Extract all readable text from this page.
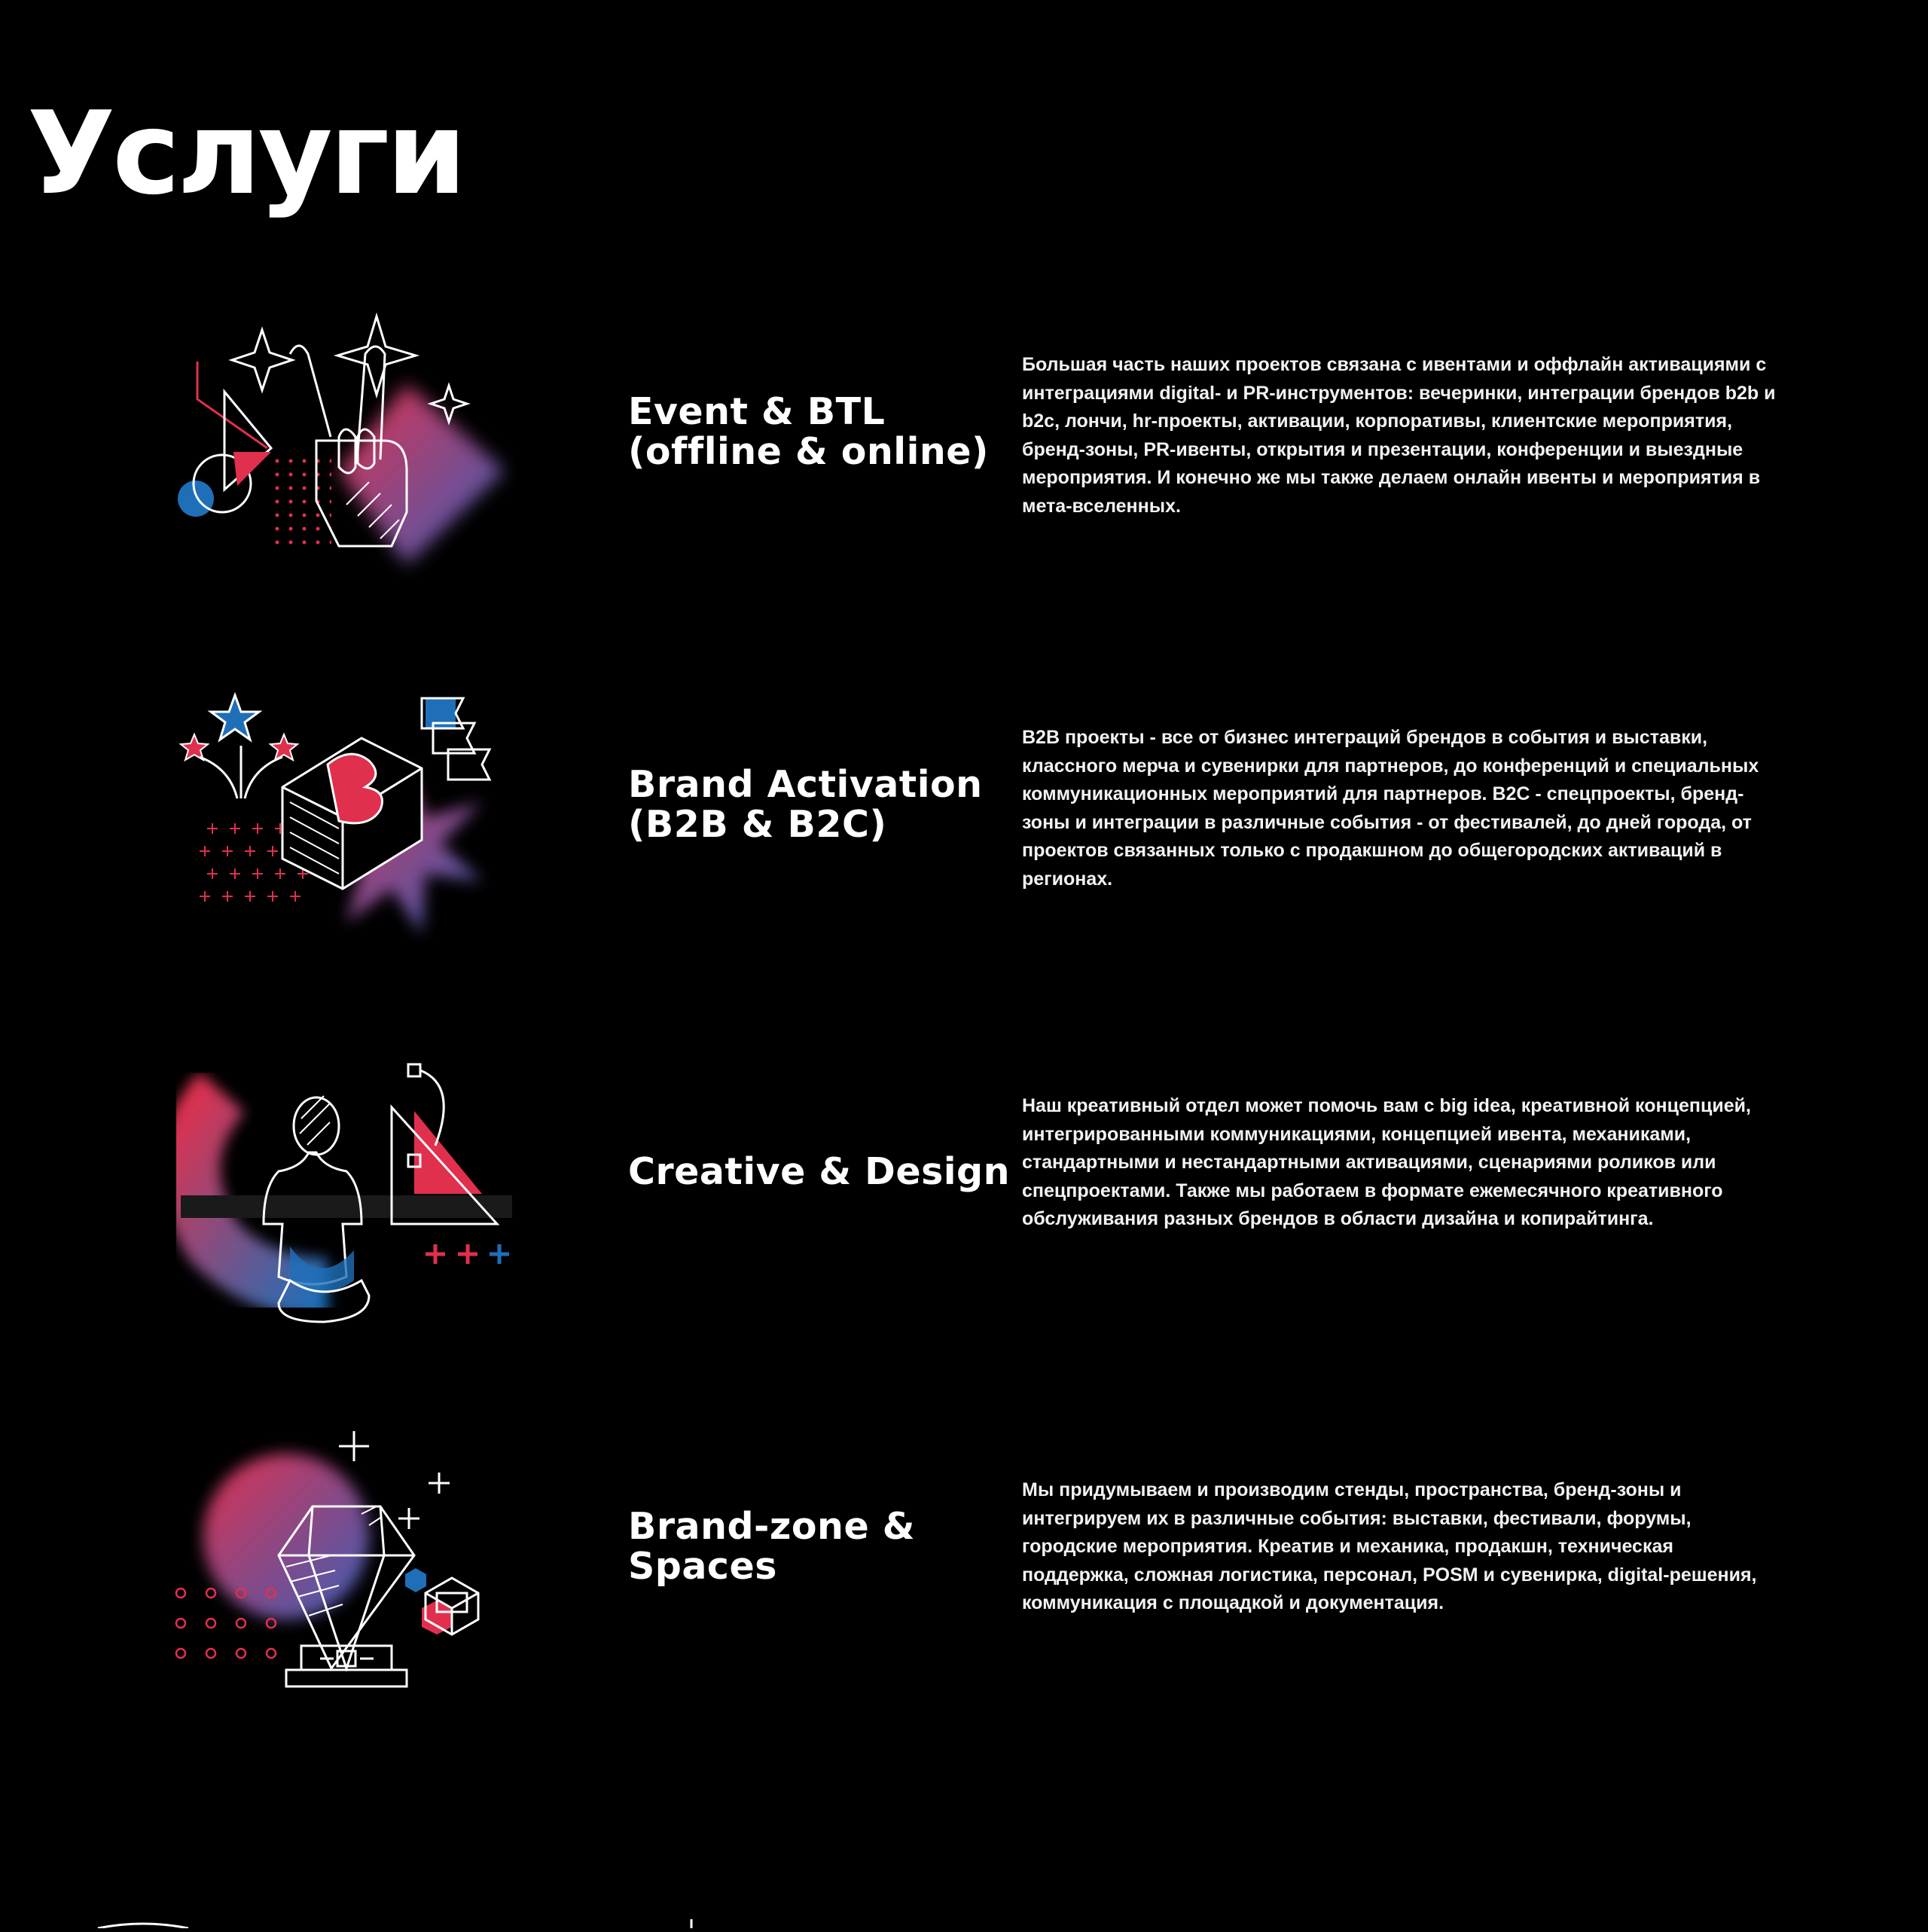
Услуги
Event & BTL
(offline & online)

Большая часть наших проектов связана с ивентами и оффлайн активациями с интеграциями digital- и PR-инструментов: вечеринки, интеграции брендов b2b и b2c, лончи, hr-проекты, активации, корпоративы, клиентские мероприятия, бренд-зоны, PR-ивенты, открытия и презентации, конференции и выездные мероприятия. И конечно же мы также делаем онлайн ивенты и мероприятия в мета-вселенных.

Brand Activation
(B2B & B2C)

B2B проекты - все от бизнес интеграций брендов в события и выставки, классного мерча и сувенирки для партнеров, до конференций и специальных коммуникационных мероприятий для партнеров. B2C - спецпроекты, бренд-зоны и интеграции в различные события - от фестивалей, до дней города, от проектов связанных только с продакшном до общегородских активаций в регионах.

Creative & Design

Наш креативный отдел может помочь вам с big idea, креативной концепцией, интегрированными коммуникациями, концепцией ивента, механиками, стандартными и нестандартными активациями, сценариями роликов или спецпроектами. Также мы работаем в формате ежемесячного креативного обслуживания разных брендов в области дизайна и копирайтинга.

Brand-zone &
Spaces

Мы придумываем и производим стенды, пространства, бренд-зоны и интегрируем их в различные события: выставки, фестивали, форумы, городские мероприятия. Креатив и механика, продакшн, техническая поддержка, сложная логистика, персонал, POSM и сувенирка, digital-решения, коммуникация с площадкой и документация.
